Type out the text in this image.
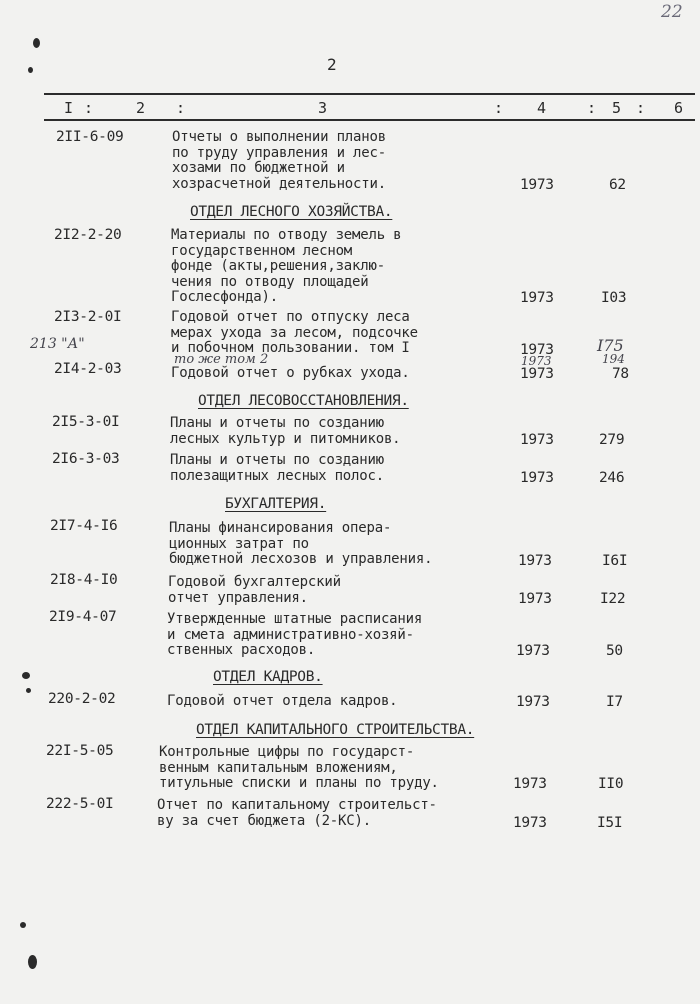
22
2
I :	2 :	3	: 4	: 5 : 6
2II-6-09	Отчеты о выполнении планов
по труду управления и лес-
хозами по бюджетной и
хозрасчетной деятельности.	1973	62
ОТДЕЛ ЛЕСНОГО ХОЗЯЙСТВА.
2I2-2-20	Материалы по отводу земель в
государственном лесном
фонде (акты,решения,заклю-
чения по отводу площадей
Гослесфонда).	1973	I03
2I3-2-0I	Годовой отчет по отпуску леса
мерах ухода за лесом, подсочке
и побочном пользовании. том I	1973	I75
213 "А"
то же том 2	1973	194
2I4-2-03	Годовой отчет о рубках ухода.	1973	78
ОТДЕЛ ЛЕСОВОССТАНОВЛЕНИЯ.
2I5-3-0I	Планы и отчеты по созданию
лесных культур и питомников.	1973	279
2I6-3-03	Планы и отчеты по созданию
полезащитных лесных полос.	1973	246
БУХГАЛТЕРИЯ.
2I7-4-I6	Планы финансирования опера-
ционных затрат по
бюджетной лесхозов и управления.	1973	I6I
2I8-4-I0	Годовой бухгалтерский
отчет управления.	1973	I22
2I9-4-07	Утвержденные штатные расписания
и смета административно-хозяй-
ственных расходов.	1973	50
ОТДЕЛ КАДРОВ.
220-2-02	Годовой отчет отдела кадров.	1973	I7
ОТДЕЛ КАПИТАЛЬНОГО СТРОИТЕЛЬСТВА.
22I-5-05	Контрольные цифры по государст-
венным капитальным вложениям,
титульные списки и планы по труду.	1973	II0
222-5-0I	Отчет по капитальному строительст-
ву за счет бюджета (2-КС).	1973	I5I
